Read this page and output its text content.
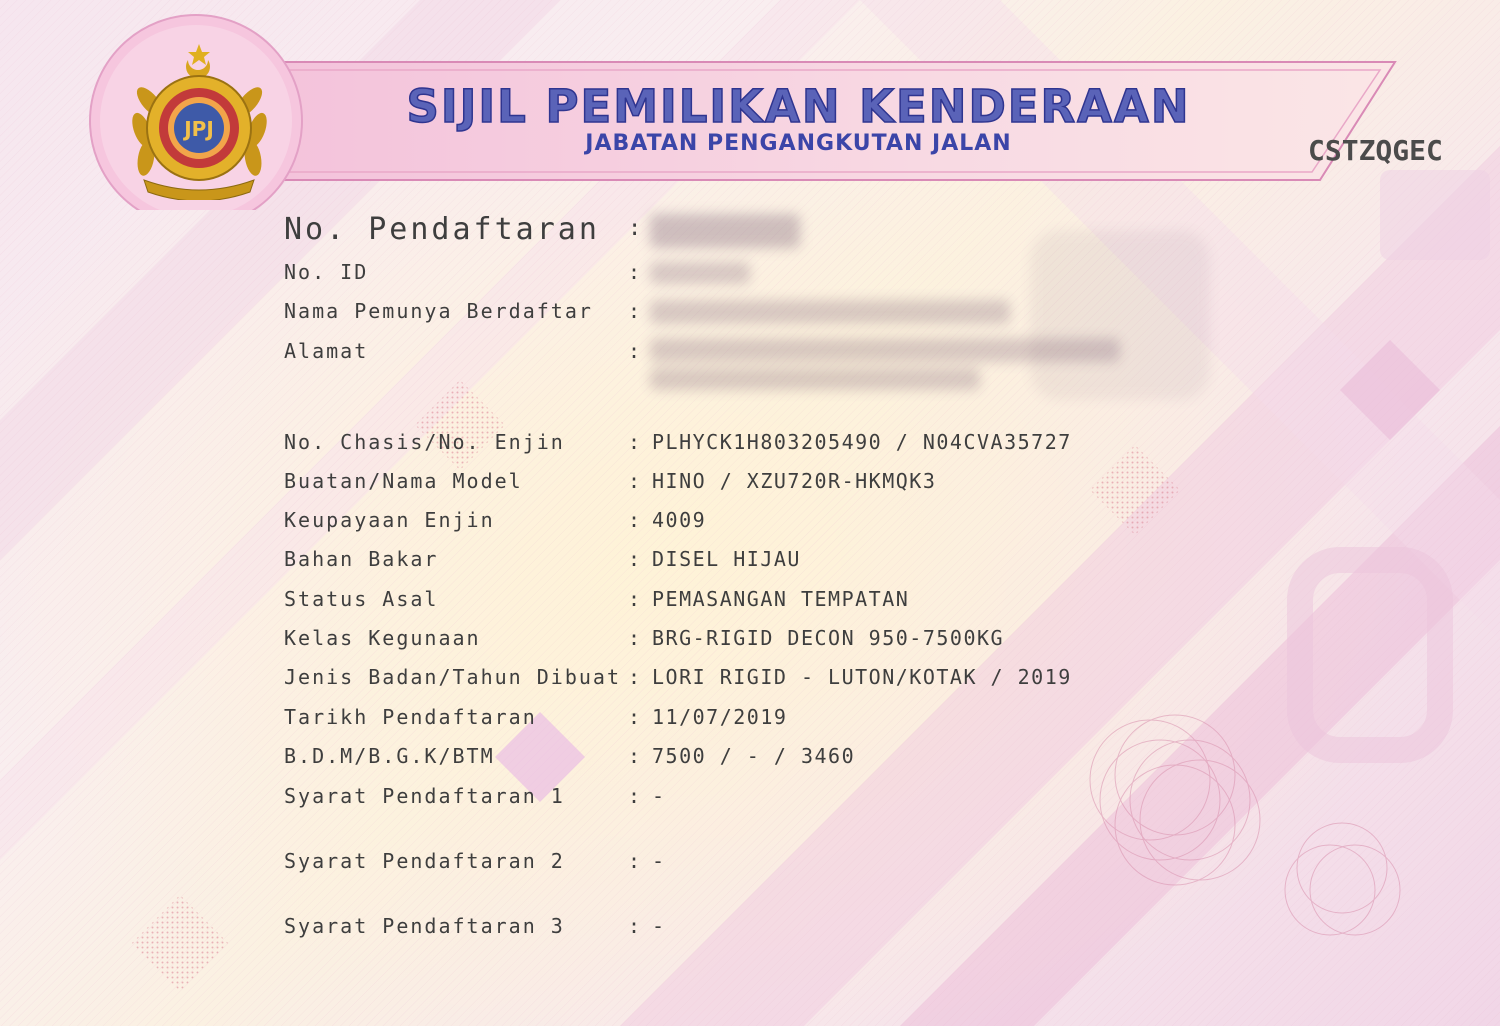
JPJ	SIJIL PEMILIKAN KENDERAAN
JABATAN PENGANGKUTAN JALAN	CSTZQGEC
No. Pendaftaran :
No. ID	:
Nama Pemunya Berdaftar :
Alamat	:
No. Chasis/No. Enjin	: PLHYCK1H803205490 / N04CVA35727
Buatan/Nama Model	: HINO / XZU720R-HKMQK3
Keupayaan Enjin	: 4009
Bahan Bakar	: DISEL HIJAU
Status Asal	: PEMASANGAN TEMPATAN
Kelas Kegunaan	: BRG-RIGID DECON 950-7500KG
Jenis Badan/Tahun Dibuat : LORI RIGID - LUTON/KOTAK / 2019
Tarikh Pendaftaran	: 11/07/2019
B.D.M/B.G.K/BTM	: 7500 / - / 3460
Syarat Pendaftaran 1	: -
Syarat Pendaftaran 2	: -
Syarat Pendaftaran 3	: -
